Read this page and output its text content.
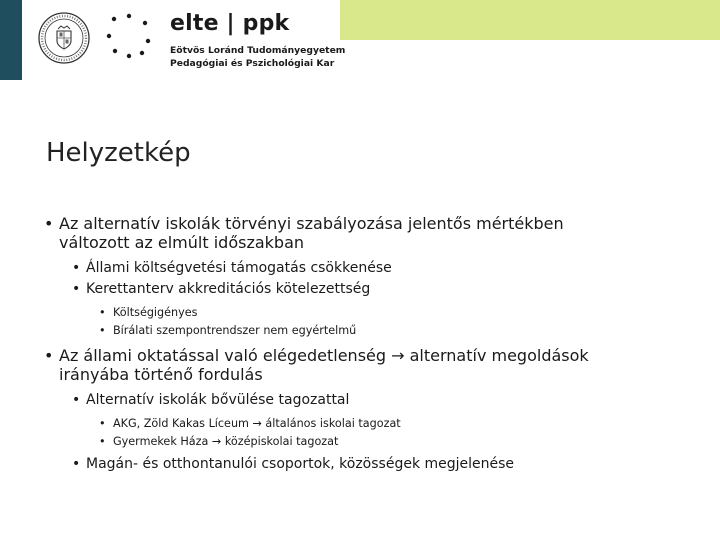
elte | ppk
Eötvös Loránd Tudományegyetem
Pedagógiai és Pszichológiai Kar
Helyzetkép
• Az alternatív iskolák törvényi szabályozása jelentős mértékben
változott az elmúlt időszakban
• Állami költségvetési támogatás csökkenése
• Kerettanterv akkreditációs kötelezettség
• Költségigényes
• Bírálati szempontrendszer nem egyértelmű
• Az állami oktatással való elégedetlenség → alternatív megoldások
irányába történő fordulás
• Alternatív iskolák bővülése tagozattal
• AKG, Zöld Kakas Líceum → általános iskolai tagozat
• Gyermekek Háza → középiskolai tagozat
• Magán- és otthontanulói csoportok, közösségek megjelenése
